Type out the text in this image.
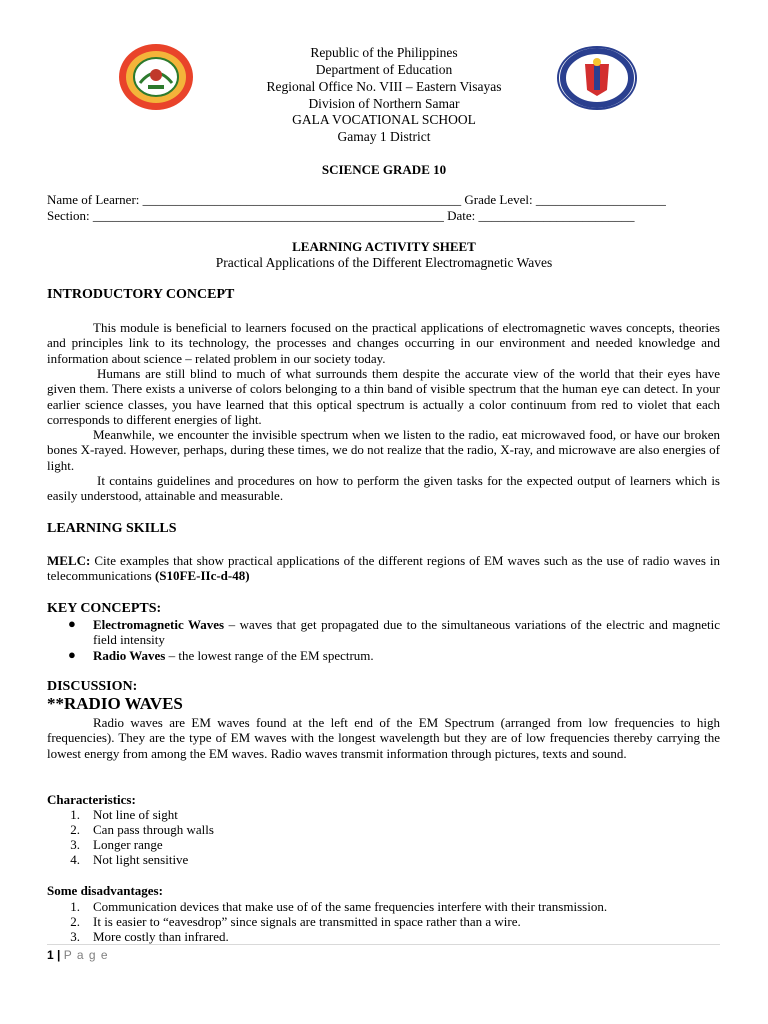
Republic of the Philippines
Department of Education
Regional Office No. VIII – Eastern Visayas
Division of Northern Samar
GALA VOCATIONAL SCHOOL
Gamay 1 District
SCIENCE GRADE 10
Name of Learner: _________________________________________________ Grade Level: ____________________
Section: ______________________________________________________ Date: ________________________
LEARNING ACTIVITY SHEET
Practical Applications of the Different Electromagnetic Waves
INTRODUCTORY CONCEPT
This module is beneficial to learners focused on the practical applications of electromagnetic waves concepts, theories and principles link to its technology, the processes and changes occurring in our environment and needed knowledge and information about science – related problem in our society today.
Humans are still blind to much of what surrounds them despite the accurate view of the world that their eyes have given them. There exists a universe of colors belonging to a thin band of visible spectrum that the human eye can detect. In your earlier science classes, you have learned that this optical spectrum is actually a color continuum from red to violet that each corresponds to different energies of light.
Meanwhile, we encounter the invisible spectrum when we listen to the radio, eat microwaved food, or have our broken bones X-rayed. However, perhaps, during these times, we do not realize that the radio, X-ray, and microwave are also energies of light.
It contains guidelines and procedures on how to perform the given tasks for the expected output of learners which is easily understood, attainable and measurable.
LEARNING SKILLS
MELC: Cite examples that show practical applications of the different regions of EM waves such as the use of radio waves in telecommunications (S10FE-IIc-d-48)
KEY CONCEPTS:
● Electromagnetic Waves – waves that get propagated due to the simultaneous variations of the electric and magnetic field intensity
● Radio Waves – the lowest range of the EM spectrum.
DISCUSSION:
**RADIO WAVES
Radio waves are EM waves found at the left end of the EM Spectrum (arranged from low frequencies to high frequencies). They are the type of EM waves with the longest wavelength but they are of low frequencies thereby carrying the lowest energy from among the EM waves. Radio waves transmit information through pictures, texts and sound.
Characteristics:
1. Not line of sight
2. Can pass through walls
3. Longer range
4. Not light sensitive
Some disadvantages:
1. Communication devices that make use of of the same frequencies interfere with their transmission.
2. It is easier to “eavesdrop” since signals are transmitted in space rather than a wire.
3. More costly than infrared.
1 | P a g e
